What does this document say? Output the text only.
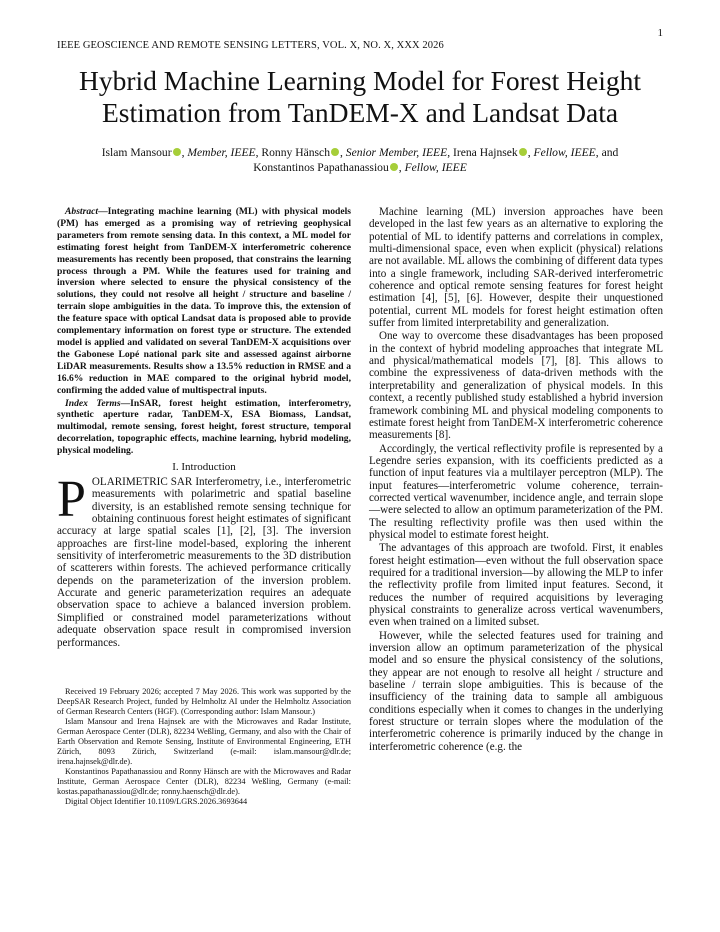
1
IEEE GEOSCIENCE AND REMOTE SENSING LETTERS, VOL. X, NO. X, XXX 2026
Hybrid Machine Learning Model for Forest Height
Estimation from TanDEM-X and Landsat Data
Islam Mansour , Member, IEEE, Ronny Hänsch , Senior Member, IEEE, Irena Hajnsek , Fellow, IEEE, and
Konstantinos Papathanassiou , Fellow, IEEE

Abstract—Integrating machine learning (ML) with physical models (PM) has emerged as a promising way of retrieving geophysical parameters from remote sensing data. In this context, a ML model for estimating forest height from TanDEM-X interferometric coherence measurements has recently been proposed, that constrains the learning process through a PM. While the features used for training and inversion where selected to ensure the physical consistency of the solutions, they could not resolve all height / structure and baseline / terrain slope ambiguities in the data. To improve this, the extension of the feature space with optical Landsat data is proposed able to provide complementary information on forest type or structure. The extended model is applied and validated on several TanDEM-X acquisitions over the Gabonese Lopé national park site and assessed against airborne LiDAR measurements. Results show a 13.5% reduction in RMSE and a 16.6% reduction in MAE compared to the original hybrid model, confirming the added value of multispectral inputs.

Index Terms—InSAR, forest height estimation, interferometry, synthetic aperture radar, TanDEM-X, ESA Biomass, Landsat, multimodal, remote sensing, forest height, forest structure, temporal decorrelation, topographic effects, machine learning, hybrid modeling, physical modeling.

I. Introduction

POLARIMETRIC SAR Interferometry, i.e., interferometric measurements with polarimetric and spatial baseline diversity, is an established remote sensing technique for obtaining continuous forest height estimates of significant accuracy at large spatial scales [1], [2], [3]. The inversion approaches are first-line model-based, exploring the inherent sensitivity of interferometric measurements to the 3D distribution of scatterers within forests. The achieved performance critically depends on the parameterization of the inversion problem. Accurate and generic parameterization requires an adequate observation space to achieve a balanced inversion problem. Simplified or constrained model parameterizations without adequate observation space result in compromised inversion performances.

Received 19 February 2026; accepted 7 May 2026. This work was supported by the DeepSAR Research Project, funded by Helmholtz AI under the Helmholtz Association of German Research Centers (HGF). (Corresponding author: Islam Mansour.)

Islam Mansour and Irena Hajnsek are with the Microwaves and Radar Institute, German Aerospace Center (DLR), 82234 Weßling, Germany, and also with the Chair of Earth Observation and Remote Sensing, Institute of Environmental Engineering, ETH Zürich, 8093 Zürich, Switzerland (e-mail: islam.mansour@dlr.de; irena.hajnsek@dlr.de).

Konstantinos Papathanassiou and Ronny Hänsch are with the Microwaves and Radar Institute, German Aerospace Center (DLR), 82234 Weßling, Germany (e-mail: kostas.papathanassiou@dlr.de; ronny.haensch@dlr.de).

Digital Object Identifier 10.1109/LGRS.2026.3693644

Machine learning (ML) inversion approaches have been developed in the last few years as an alternative to exploring the potential of ML to identify patterns and correlations in complex, multi-dimensional space, even when explicit (physical) relations are not available. ML allows the combining of different data types into a single framework, including SAR-derived interferometric coherence and optical remote sensing features for forest height estimation [4], [5], [6]. However, despite their unquestioned potential, current ML models for forest height estimation often suffer from limited interpretability and generalization.

One way to overcome these disadvantages has been proposed in the context of hybrid modeling approaches that integrate ML and physical/mathematical models [7], [8]. This allows to combine the expressiveness of data-driven methods with the interpretability and generalization of physical models. In this context, a recently published study established a hybrid inversion framework combining ML and physical modeling components to estimate forest height from TanDEM-X interferometric coherence measurements [8].

Accordingly, the vertical reflectivity profile is represented by a Legendre series expansion, with its coefficients predicted as a function of input features via a multilayer perceptron (MLP). The input features—interferometric volume coherence, terrain-corrected vertical wavenumber, incidence angle, and terrain slope—were selected to allow an optimum parameterization of the PM. The resulting reflectivity profile was then used within the physical model to estimate forest height.

The advantages of this approach are twofold. First, it enables forest height estimation—even without the full observation space required for a traditional inversion—by allowing the MLP to infer the reflectivity profile from limited input features. Second, it reduces the number of required acquisitions by leveraging physical constraints to generalize across vertical wavenumbers, even when trained on a limited subset.

However, while the selected features used for training and inversion allow an optimum parameterization of the physical model and so ensure the physical consistency of the solutions, they appear are not enough to resolve all height / structure and baseline / terrain slope ambiguities. This is because of the insufficiency of the training data to sample all ambiguous conditions especially when it comes to changes in the underlying forest structure or terrain slopes where the modulation of the interferometric coherence is primarily induced by the change in interferometric coherence (e.g. the
